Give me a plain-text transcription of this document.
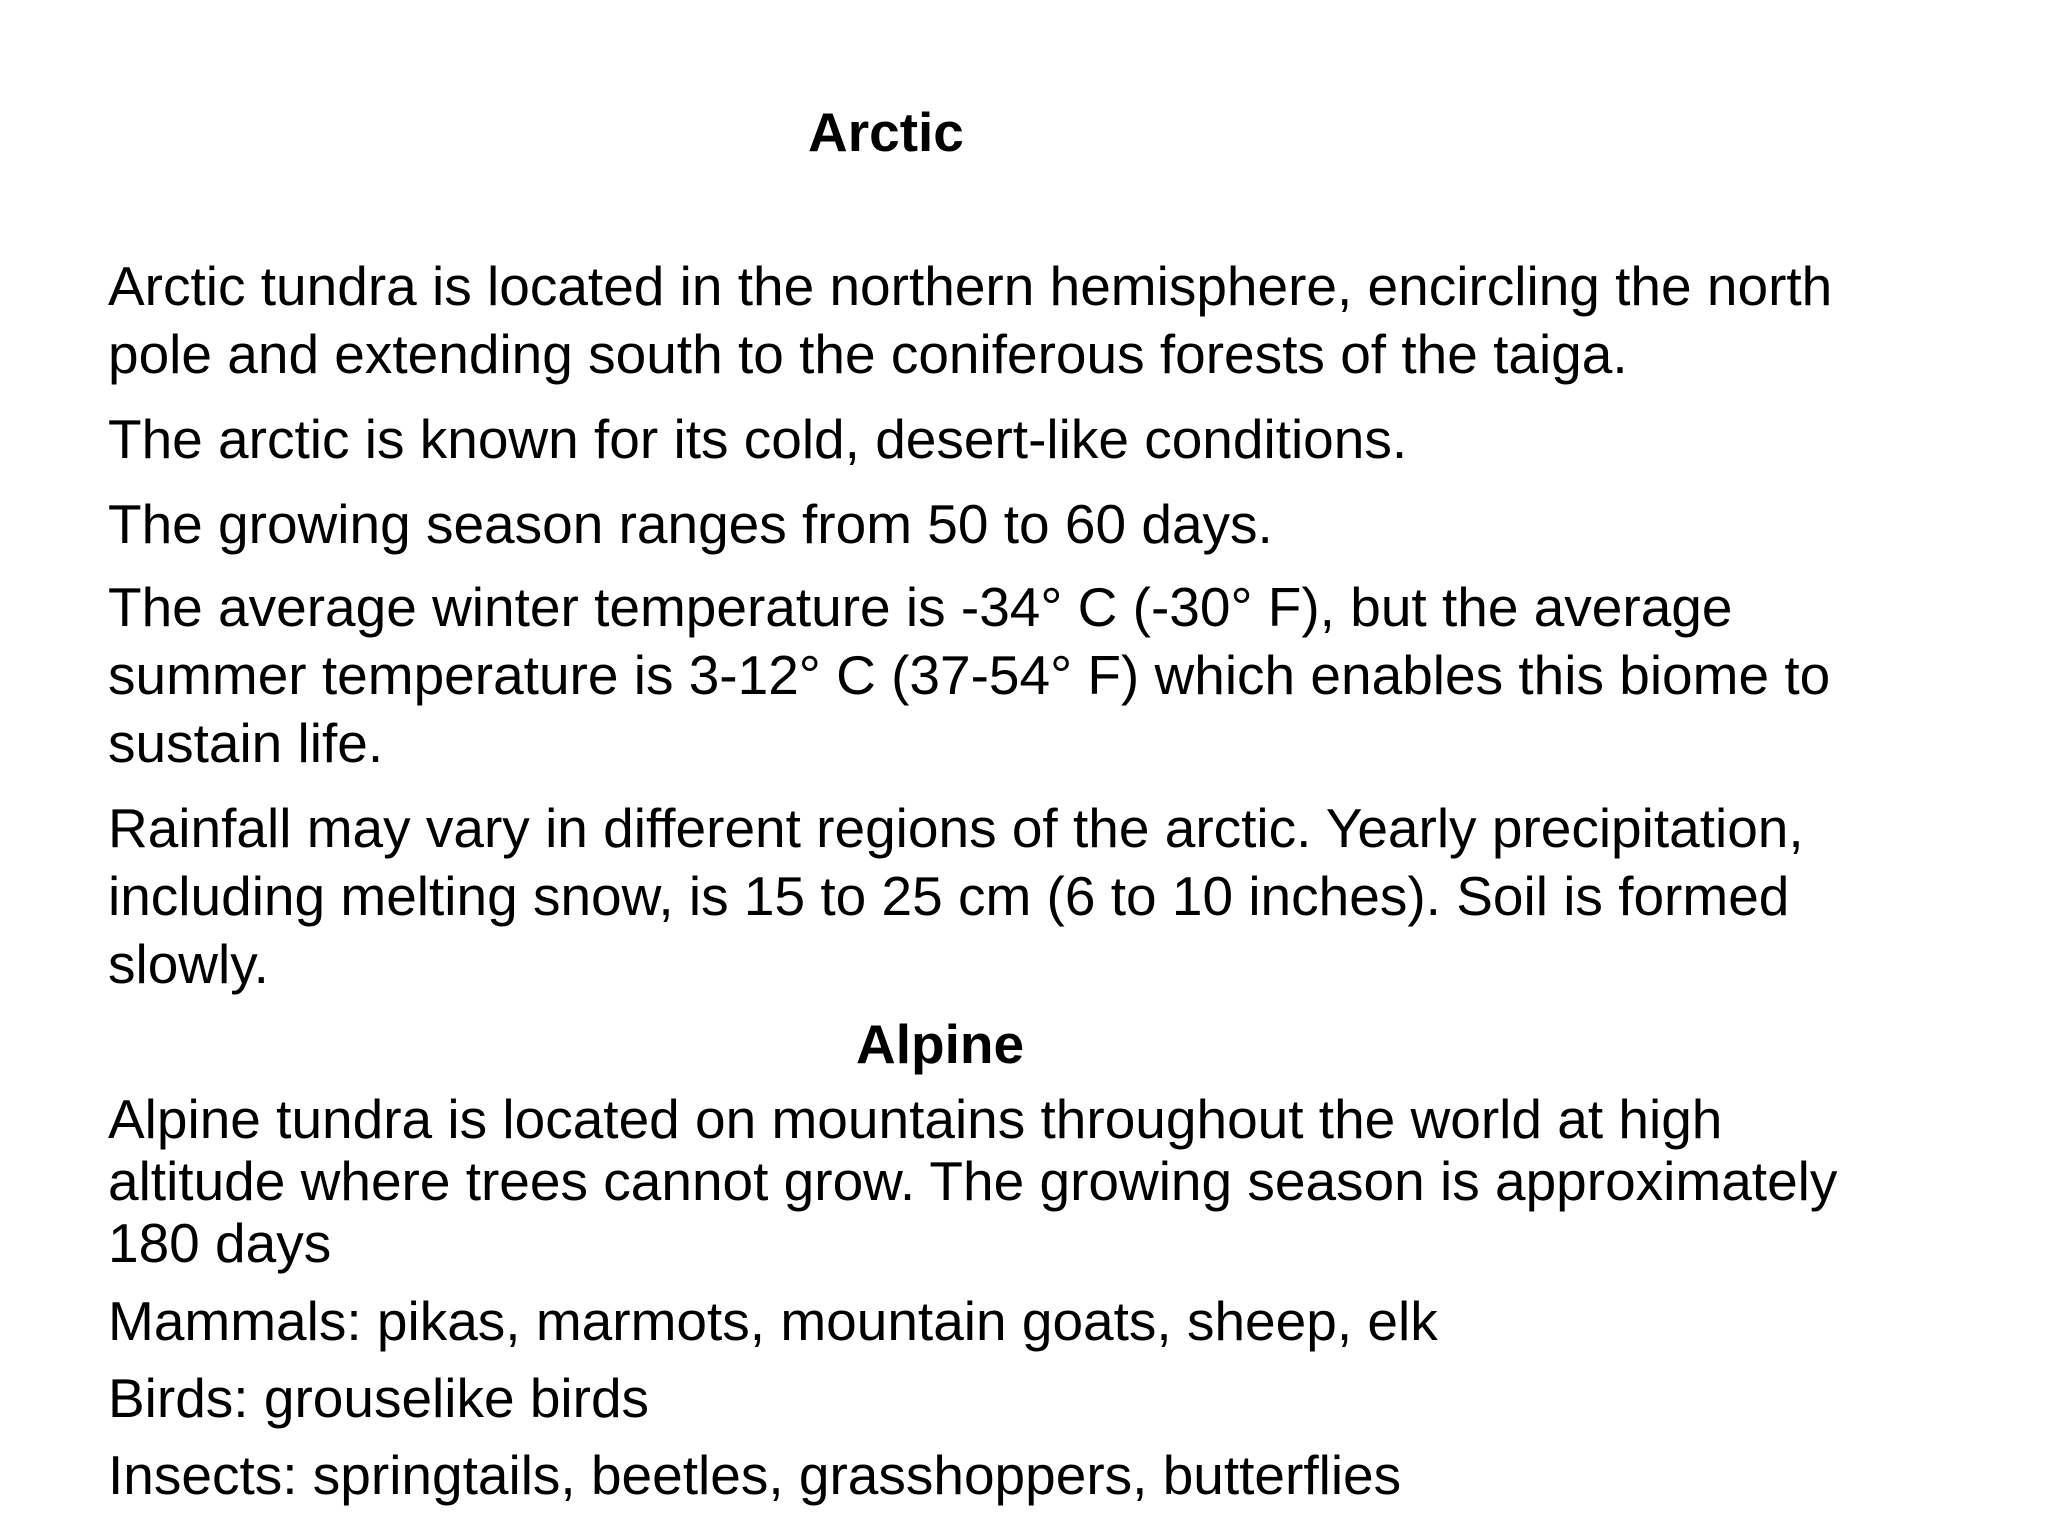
Arctic
Arctic tundra is located in the northern hemisphere, encircling the north
pole and extending south to the coniferous forests of the taiga.
The arctic is known for its cold, desert-like conditions.
The growing season ranges from 50 to 60 days.
The average winter temperature is -34° C (-30° F), but the average
summer temperature is 3-12° C (37-54° F) which enables this biome to
sustain life.
Rainfall may vary in different regions of the arctic. Yearly precipitation,
including melting snow, is 15 to 25 cm (6 to 10 inches). Soil is formed
slowly.
Alpine
Alpine tundra is located on mountains throughout the world at high
altitude where trees cannot grow. The growing season is approximately
180 days
Mammals: pikas, marmots, mountain goats, sheep, elk
Birds: grouselike birds
Insects: springtails, beetles, grasshoppers, butterflies
